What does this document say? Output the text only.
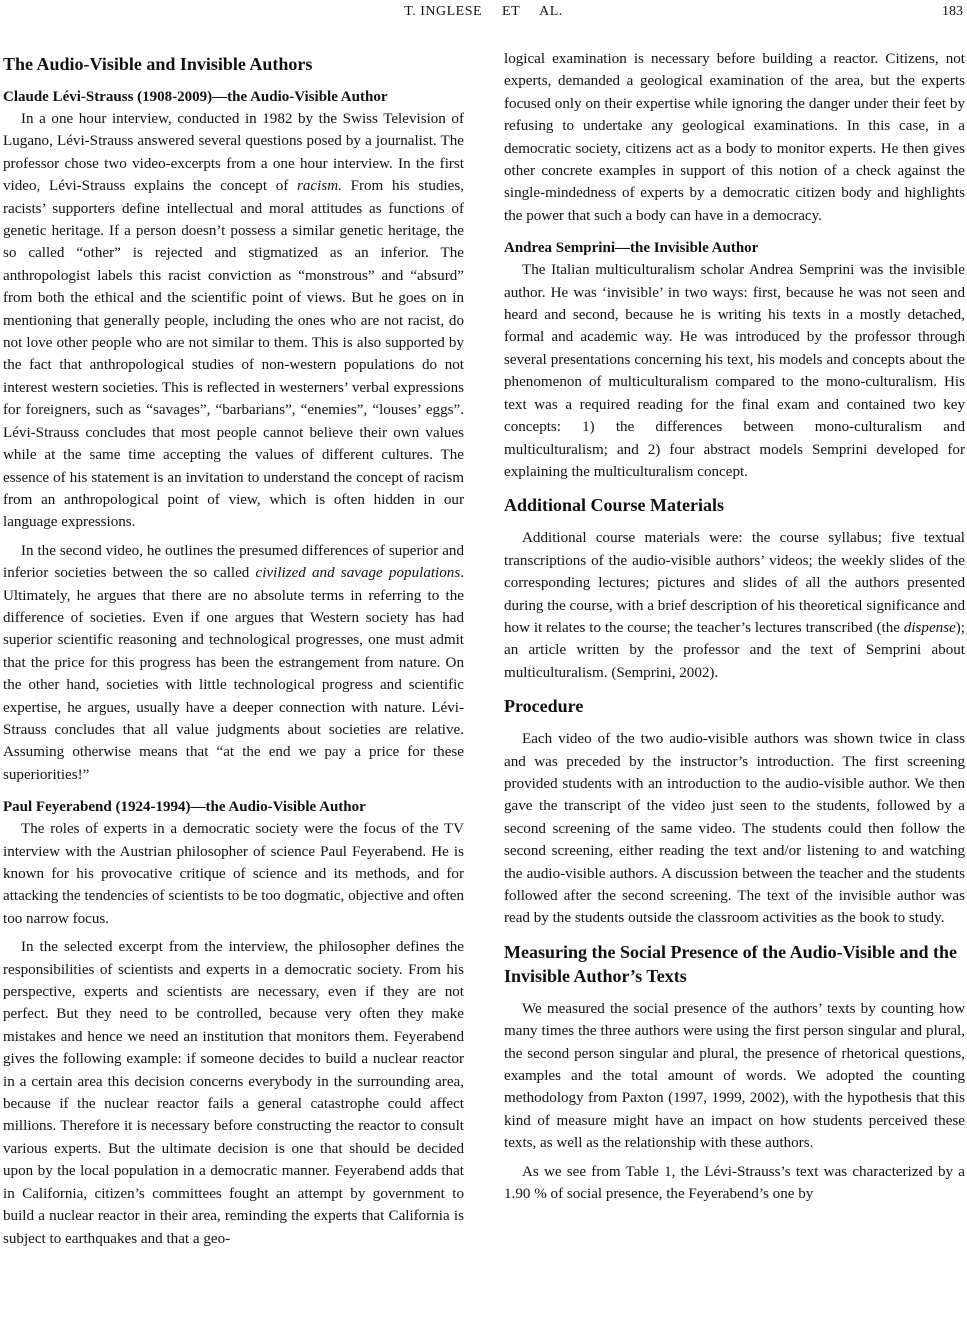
T. INGLESE     ET     AL.	183
The Audio-Visible and Invisible Authors
Claude Lévi-Strauss (1908-2009)—the Audio-Visible Author

In a one hour interview, conducted in 1982 by the Swiss Television of Lugano, Lévi-Strauss answered several questions posed by a journalist. The professor chose two video-excerpts from a one hour interview. In the first video, Lévi-Strauss explains the concept of racism. From his studies, racists’ supporters define intellectual and moral attitudes as functions of genetic heritage. If a person doesn’t possess a similar genetic heritage, the so called “other” is rejected and stigmatized as an inferior. The anthropologist labels this racist conviction as “monstrous” and “absurd” from both the ethical and the scientific point of views. But he goes on in mentioning that generally people, including the ones who are not racist, do not love other people who are not similar to them. This is also supported by the fact that anthropological studies of non-western populations do not interest western societies. This is reflected in westerners’ verbal expressions for foreigners, such as “savages”, “barbarians”, “enemies”, “louses’ eggs”. Lévi-Strauss concludes that most people cannot believe their own values while at the same time accepting the values of different cultures. The essence of his statement is an invitation to understand the concept of racism from an anthropological point of view, which is often hidden in our language expressions.

In the second video, he outlines the presumed differences of superior and inferior societies between the so called civilized and savage populations. Ultimately, he argues that there are no absolute terms in referring to the difference of societies. Even if one argues that Western society has had superior scientific reasoning and technological progresses, one must admit that the price for this progress has been the estrangement from nature. On the other hand, societies with little technological progress and scientific expertise, he argues, usually have a deeper connection with nature. Lévi-Strauss concludes that all value judgments about societies are relative. Assuming otherwise means that “at the end we pay a price for these superiorities!”

Paul Feyerabend (1924-1994)—the Audio-Visible Author

The roles of experts in a democratic society were the focus of the TV interview with the Austrian philosopher of science Paul Feyerabend. He is known for his provocative critique of science and its methods, and for attacking the tendencies of scientists to be too dogmatic, objective and often too narrow focus.

In the selected excerpt from the interview, the philosopher defines the responsibilities of scientists and experts in a democratic society. From his perspective, experts and scientists are necessary, even if they are not perfect. But they need to be controlled, because very often they make mistakes and hence we need an institution that monitors them. Feyerabend gives the following example: if someone decides to build a nuclear reactor in a certain area this decision concerns everybody in the surrounding area, because if the nuclear reactor fails a general catastrophe could affect millions. Therefore it is necessary before constructing the reactor to consult various experts. But the ultimate decision is one that should be decided upon by the local population in a democratic manner. Feyerabend adds that in California, citizen’s committees fought an attempt by government to build a nuclear reactor in their area, reminding the experts that California is subject to earthquakes and that a geo-

logical examination is necessary before building a reactor. Citizens, not experts, demanded a geological examination of the area, but the experts focused only on their expertise while ignoring the danger under their feet by refusing to undertake any geological examinations. In this case, in a democratic society, citizens act as a body to monitor experts. He then gives other concrete examples in support of this notion of a check against the single-mindedness of experts by a democratic citizen body and highlights the power that such a body can have in a democracy.

Andrea Semprini—the Invisible Author

The Italian multiculturalism scholar Andrea Semprini was the invisible author. He was ‘invisible’ in two ways: first, because he was not seen and heard and second, because he is writing his texts in a mostly detached, formal and academic way. He was introduced by the professor through several presentations concerning his text, his models and concepts about the phenomenon of multiculturalism compared to the mono-culturalism. His text was a required reading for the final exam and contained two key concepts: 1) the differences between mono-culturalism and multiculturalism; and 2) four abstract models Semprini developed for explaining the multiculturalism concept.

Additional Course Materials

Additional course materials were: the course syllabus; five textual transcriptions of the audio-visible authors’ videos; the weekly slides of the corresponding lectures; pictures and slides of all the authors presented during the course, with a brief description of his theoretical significance and how it relates to the course; the teacher’s lectures transcribed (the dispense); an article written by the professor and the text of Semprini about multiculturalism. (Semprini, 2002).

Procedure

Each video of the two audio-visible authors was shown twice in class and was preceded by the instructor’s introduction. The first screening provided students with an introduction to the audio-visible author. We then gave the transcript of the video just seen to the students, followed by a second screening of the same video. The students could then follow the second screening, either reading the text and/or listening to and watching the audio-visible authors. A discussion between the teacher and the students followed after the second screening. The text of the invisible author was read by the students outside the classroom activities as the book to study.

Measuring the Social Presence of the Audio-Visible and the Invisible Author’s Texts

We measured the social presence of the authors’ texts by counting how many times the three authors were using the first person singular and plural, the second person singular and plural, the presence of rhetorical questions, examples and the total amount of words. We adopted the counting methodology from Paxton (1997, 1999, 2002), with the hypothesis that this kind of measure might have an impact on how students perceived these texts, as well as the relationship with these authors.

As we see from Table 1, the Lévi-Strauss’s text was characterized by a 1.90 % of social presence, the Feyerabend’s one by
